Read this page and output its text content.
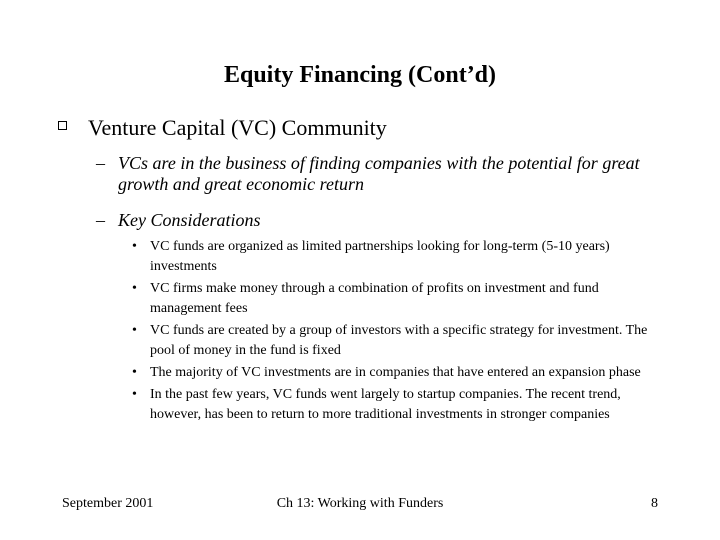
Equity Financing (Cont’d)
Venture Capital (VC) Community
– VCs are in the business of finding companies with the potential for great growth and great economic return
– Key Considerations
• VC funds are organized as limited partnerships looking for long-term (5-10 years) investments
• VC firms make money through a combination of profits on investment and fund management fees
• VC funds are created by a group of investors with a specific strategy for investment. The pool of money in the fund is fixed
• The majority of VC investments are in companies that have entered an expansion phase
• In the past few years, VC funds went largely to startup companies. The recent trend, however, has been to return to more traditional investments in stronger companies
September 2001	Ch 13: Working with Funders	8
